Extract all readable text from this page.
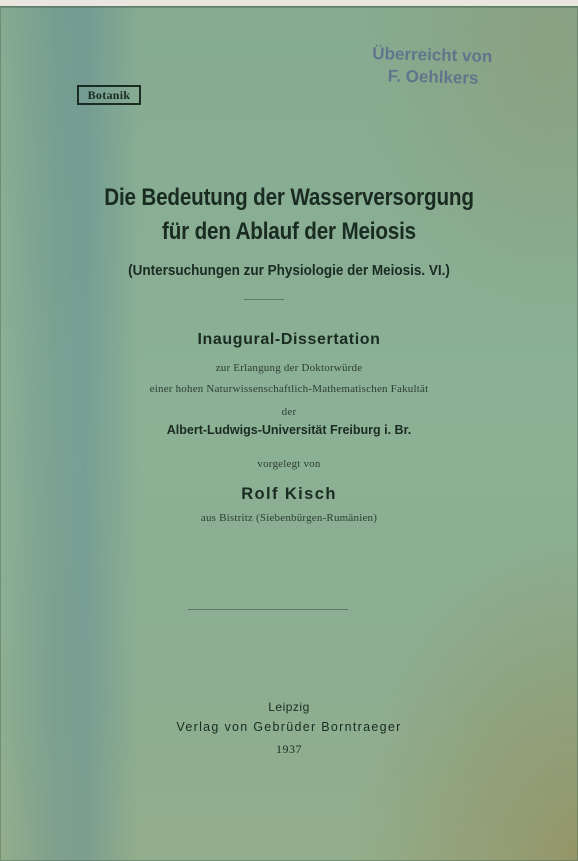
Überreicht von
F. Oehlkers
Botanik
Die Bedeutung der Wasserversorgung
für den Ablauf der Meiosis
(Untersuchungen zur Physiologie der Meiosis. VI.)
Inaugural-Dissertation
zur Erlangung der Doktorwürde
einer hohen Naturwissenschaftlich-Mathematischen Fakultät
der
Albert-Ludwigs-Universität Freiburg i. Br.
vorgelegt von
Rolf Kisch
aus Bistritz (Siebenbürgen-Rumänien)
Leipzig
Verlag von Gebrüder Borntraeger
1937
